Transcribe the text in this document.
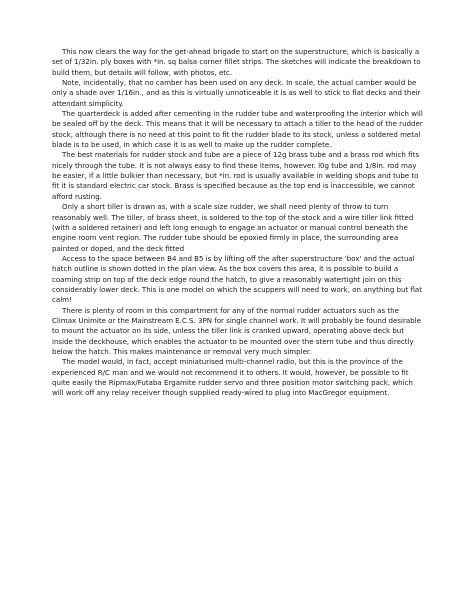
This now clears the way for the get-ahead brigade to start on the superstructure, which is basically a set of 1/32in. ply boxes with *in. sq balsa corner fillet strips. The sketches will indicate the breakdown to build them, but details will follow, with photos, etc.

Note, incidentally, that no camber has been used on any deck. In scale, the actual camber would be only a shade over 1/16in., and as this is virtually unnoticeable it is as well to stick to flat decks and their attendant simplicity.

The quarterdeck is added after cementing in the rudder tube and waterproofing the interior which will be sealed off by the deck. This means that it will be necessary to attach a tiller to the head of the rudder stock, although there is no need at this point to fit the rudder blade to its stock, unless a soldered metal blade is to be used, in which case it is as well to make up the rudder complete.

The best materials for rudder stock and tube are a piece of 12g brass tube and a brass rod which fits nicely through the tube. It is not always easy to find these items, however. l0g tube and 1/8in. rod may be easier, if a little bulkier than necessary, but *in. rod is usually available in welding shops and tube to fit it is standard electric car stock. Brass is specified because as the top end is inaccessible, we cannot afford rusting.

Only a short tiller is drawn as, with a scale size rudder, we shall need plenty of throw to turn reasonably well. The tiller, of brass sheet, is soldered to the top of the stock and a wire tiller link fitted (with a soldered retainer) and left long enough to engage an actuator or manual control beneath the engine room vent region. The rudder tube should be epoxied firmly in place, the surrounding area painted or doped, and the deck fitted

Access to the space between B4 and B5 is by lifting off the after superstructure 'box' and the actual hatch outline is shown dotted in the plan view. As the box covers this area, it is possible to build a coaming strip on top of the deck edge round the hatch, to give a reasonably watertight join on this considerably lower deck. This is one model on which the scuppers will need to work, on anything but flat calm!

There is plenty of room in this compartment for any of the normal rudder actuators such as the Climax Unimite or the Mainstream E.C.S. 3PN for single channel work. It will probably be found desirable to mount the actuator on its side, unless the tiller link is cranked upward, operating above deck but inside the deckhouse, which enables the actuator to be mounted over the stern tube and thus directly below the hatch. This makes maintenance or removal very much simpler.

The model would, in fact, accept miniaturised multi-channel radio, but this is the province of the experienced R/C man and we would not recommend it to others. It would, however, be possible to fit quite easily the Ripmax/Futaba Ergamite rudder servo and three position motor switching pack, which will work off any relay receiver though supplied ready-wired to plug into MacGregor equipment.
